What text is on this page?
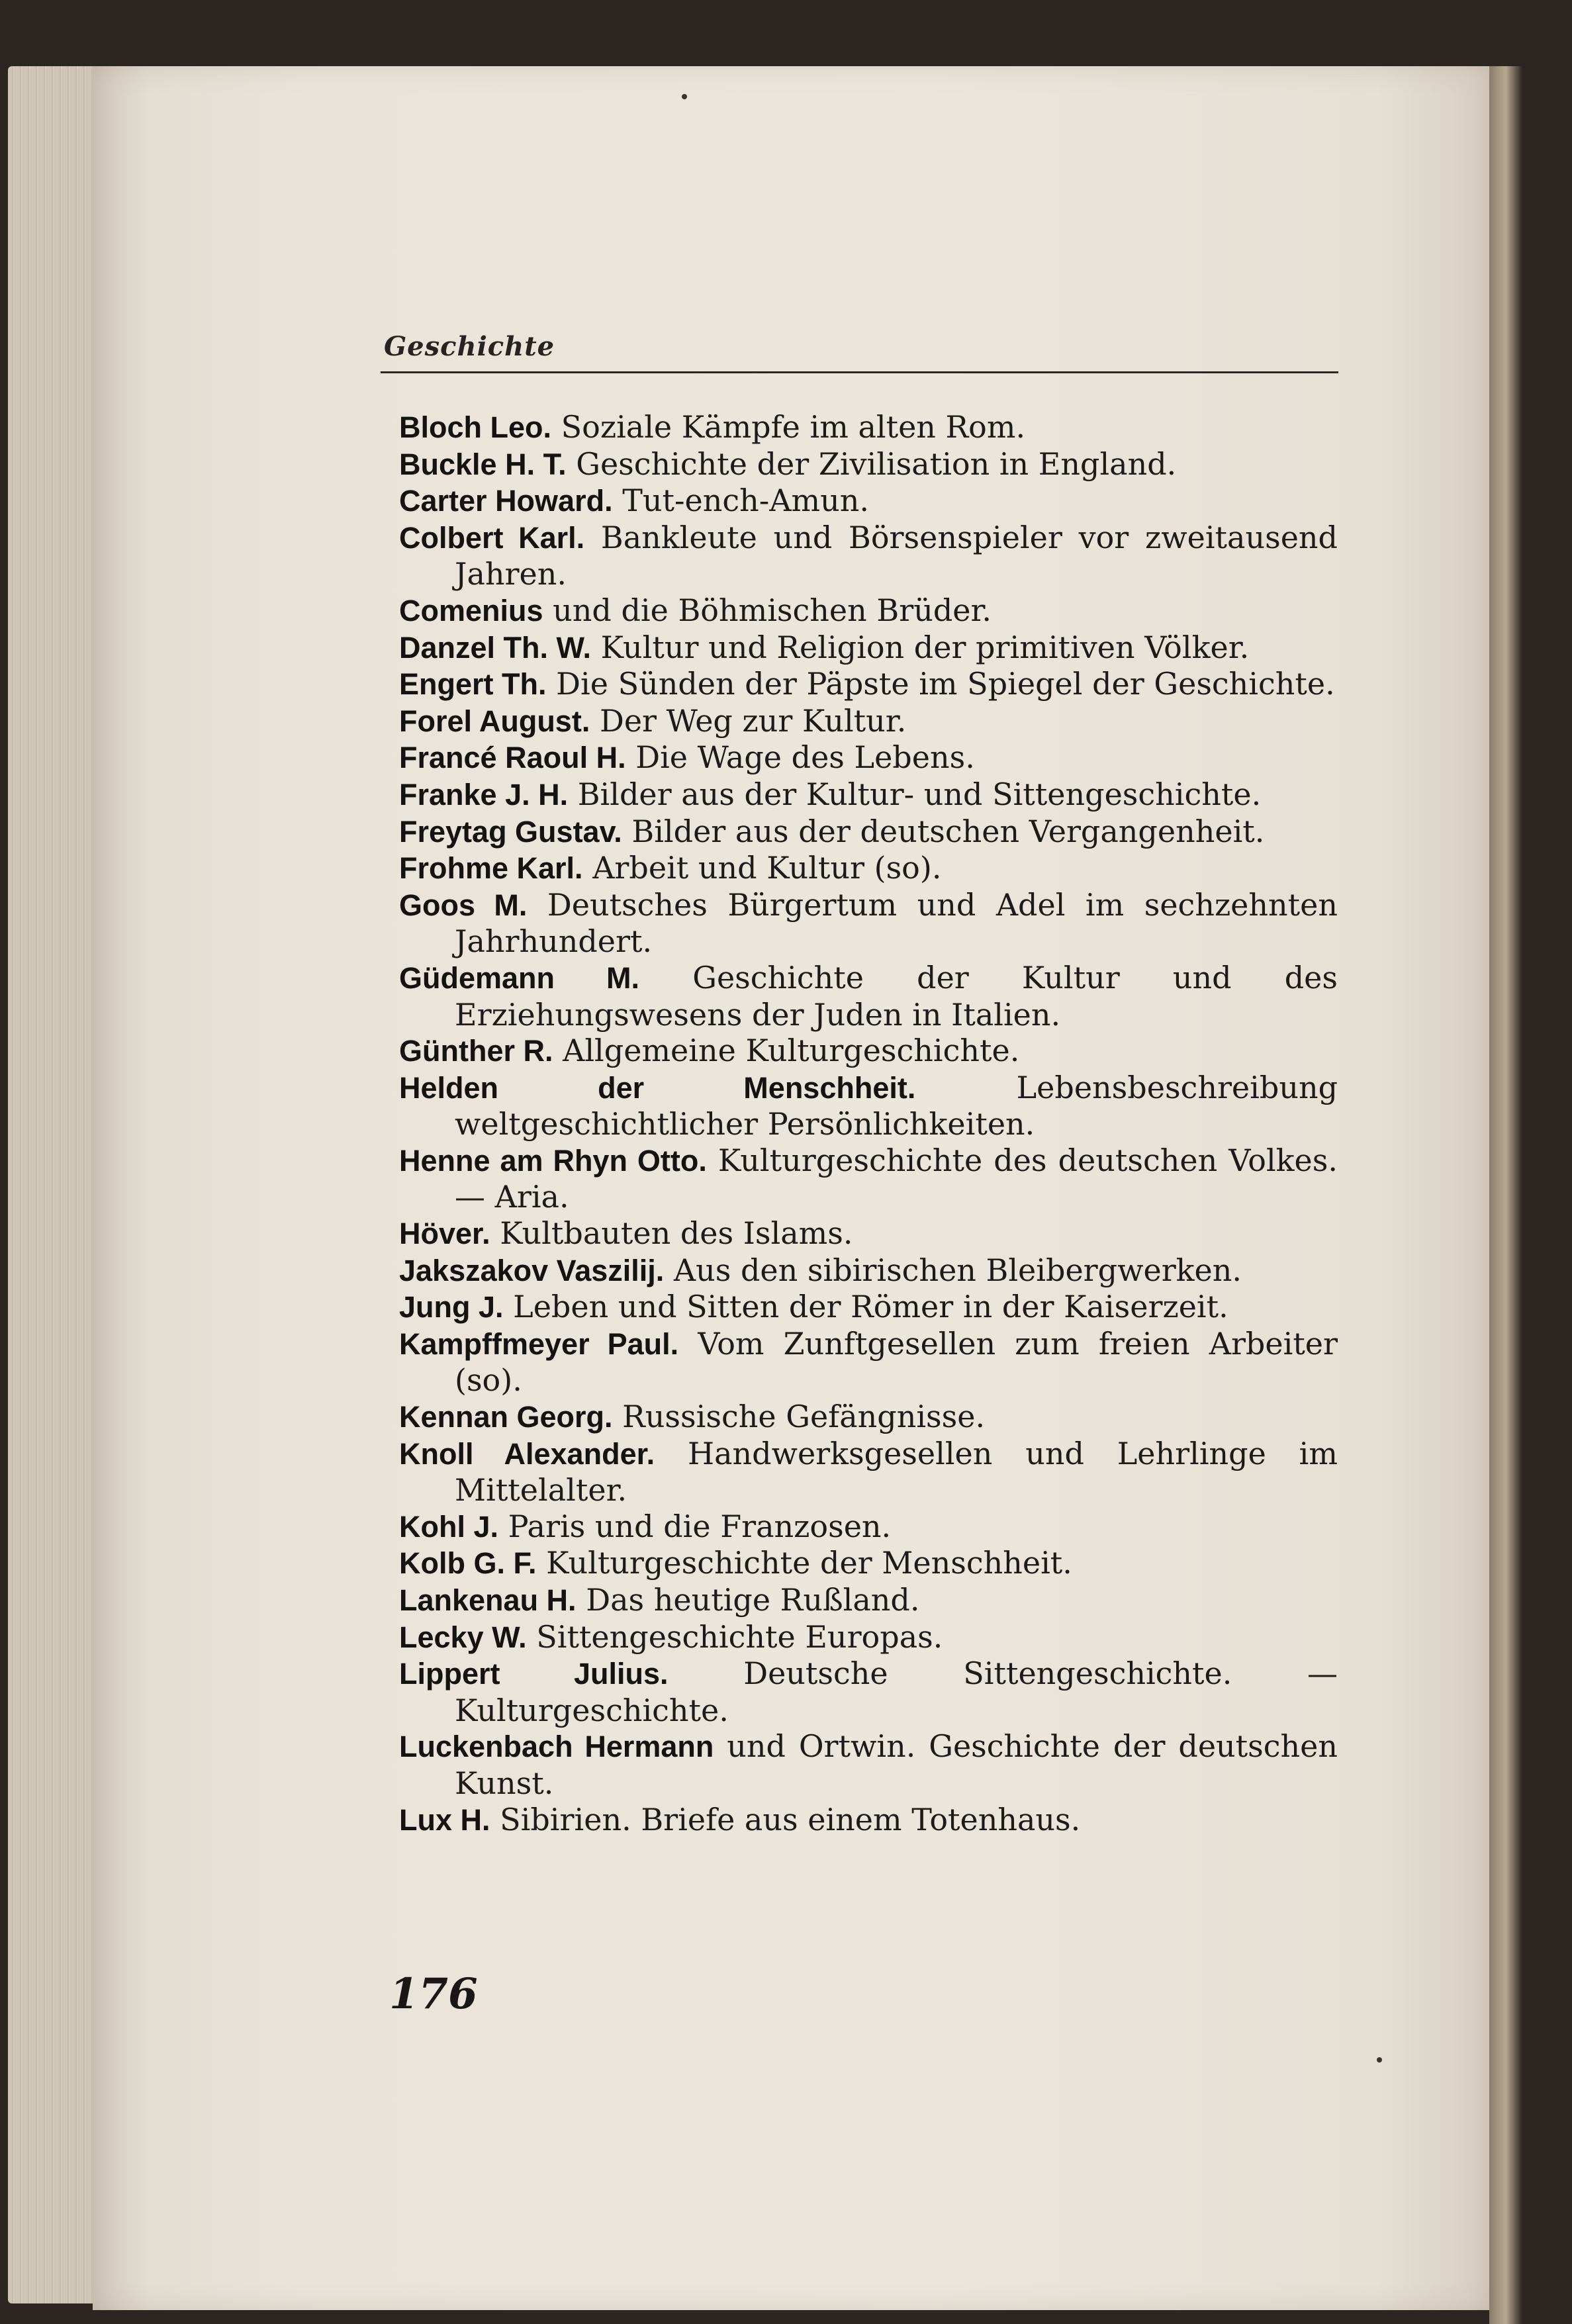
Geschichte
Bloch Leo. Soziale Kämpfe im alten Rom.
Buckle H. T. Geschichte der Zivilisation in England.
Carter Howard. Tut-ench-Amun.
Colbert Karl. Bankleute und Börsenspieler vor zweitausend Jahren.
Comenius und die Böhmischen Brüder.
Danzel Th. W. Kultur und Religion der primitiven Völker.
Engert Th. Die Sünden der Päpste im Spiegel der Geschichte.
Forel August. Der Weg zur Kultur.
Francé Raoul H. Die Wage des Lebens.
Franke J. H. Bilder aus der Kultur- und Sittengeschichte.
Freytag Gustav. Bilder aus der deutschen Vergangenheit.
Frohme Karl. Arbeit und Kultur (so).
Goos M. Deutsches Bürgertum und Adel im sechzehnten Jahrhundert.
Güdemann M. Geschichte der Kultur und des Erziehungswesens der Juden in Italien.
Günther R. Allgemeine Kulturgeschichte.
Helden der Menschheit.	Lebensbeschreibung weltgeschichtlicher Persönlichkeiten.
Henne am Rhyn Otto. Kulturgeschichte des deutschen Volkes. — Aria.
Höver. Kultbauten des Islams.
Jakszakov Vaszilij. Aus den sibirischen Bleibergwerken.
Jung J. Leben und Sitten der Römer in der Kaiserzeit.
Kampffmeyer Paul. Vom Zunftgesellen zum freien Arbeiter (so).
Kennan Georg. Russische Gefängnisse.
Knoll Alexander. Handwerksgesellen und Lehrlinge im Mittelalter.
Kohl J. Paris und die Franzosen.
Kolb G. F. Kulturgeschichte der Menschheit.
Lankenau H. Das heutige Rußland.
Lecky W. Sittengeschichte Europas.
Lippert Julius. Deutsche Sittengeschichte. — Kulturgeschichte.
Luckenbach Hermann und Ortwin. Geschichte der deutschen Kunst.
Lux H. Sibirien. Briefe aus einem Totenhaus.
176
